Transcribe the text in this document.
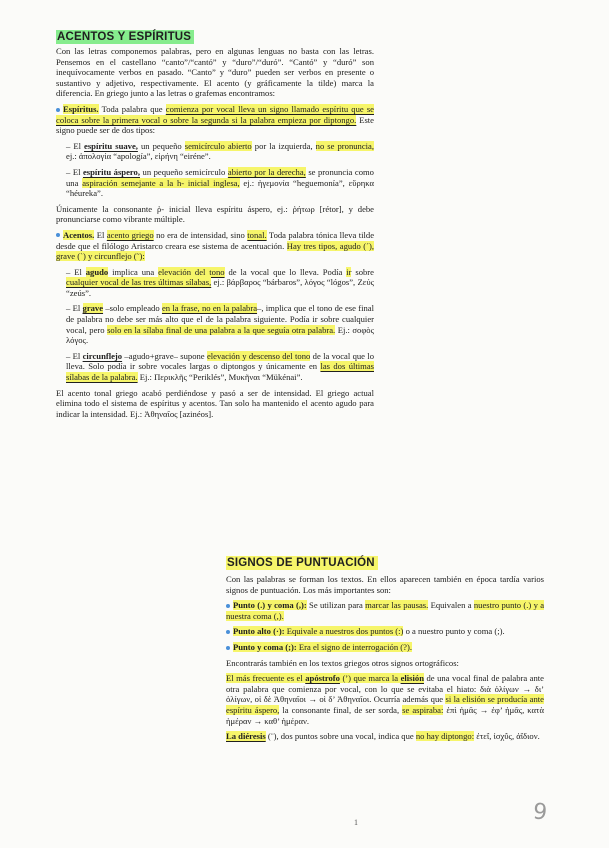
ACENTOS Y ESPÍRITUS

Con las letras componemos palabras, pero en algunas lenguas no basta con las letras. Pensemos en el castellano “canto”/“cantó” y “duro”/“duró”. “Cantó” y “duró” son inequívocamente verbos en pasado. “Canto” y “duro” pueden ser verbos en presente o sustantivo y adjetivo, respectivamente. El acento (y gráficamente la tilde) marca la diferencia. En griego junto a las letras o grafemas encontramos:

Espíritus. Toda palabra que comienza por vocal lleva un signo llamado espíritu que se coloca sobre la primera vocal o sobre la segunda si la palabra empieza por diptongo. Este signo puede ser de dos tipos:

– El espíritu suave, un pequeño semicírculo abierto por la izquierda, no se pronuncia, ej.: ἀπολογία “apología”, εἰρήνη “eiréne”.

– El espíritu áspero, un pequeño semicírculo abierto por la derecha, se pronuncia como una aspiración semejante a la h- inicial inglesa, ej.: ἡγεμονία “heguemonía”, εὕρηκα “héureka”.

Únicamente la consonante ῥ- inicial lleva espíritu áspero, ej.: ῥήτωρ [rétor], y debe pronunciarse como vibrante múltiple.

Acentos. El acento griego no era de intensidad, sino tonal. Toda palabra tónica lleva tilde desde que el filólogo Aristarco creara ese sistema de acentuación. Hay tres tipos, agudo (´), grave (`) y circunflejo (῀):

– El agudo implica una elevación del tono de la vocal que lo lleva. Podía ir sobre cualquier vocal de las tres últimas sílabas, ej.: βάρβαρος “bárbaros”, λόγος “lógos”, Ζεύς “zeús”.

– El grave –solo empleado en la frase, no en la palabra–, implica que el tono de ese final de palabra no debe ser más alto que el de la palabra siguiente. Podía ir sobre cualquier vocal, pero solo en la sílaba final de una palabra a la que seguía otra palabra. Ej.: σοφὸς λόγος.

– El circunflejo –agudo+grave– supone elevación y descenso del tono de la vocal que lo lleva. Solo podía ir sobre vocales largas o diptongos y únicamente en las dos últimas sílabas de la palabra. Ej.: Περικλῆς “Periklés”, Μυκῆναι “Mükénai”.

El acento tonal griego acabó perdiéndose y pasó a ser de intensidad. El griego actual elimina todo el sistema de espíritus y acentos. Tan solo ha mantenido el acento agudo para indicar la intensidad. Ej.: Ἀθηναῖος [azinéos].

SIGNOS DE PUNTUACIÓN

Con las palabras se forman los textos. En ellos aparecen también en época tardía varios signos de puntuación. Los más importantes son:

Punto (.) y coma (,): Se utilizan para marcar las pausas. Equivalen a nuestro punto (.) y a nuestra coma (,).

Punto alto (·): Equivale a nuestros dos puntos (:) o a nuestro punto y coma (;).

Punto y coma (;): Era el signo de interrogación (?).

Encontrarás también en los textos griegos otros signos ortográficos:

El más frecuente es el apóstrofo (’) que marca la elisión de una vocal final de palabra ante otra palabra que comienza por vocal, con lo que se evitaba el hiato: διὰ ὀλίγων → δι’ ὀλίγων, οἱ δὲ Ἀθηναῖοι → οἱ δ’ Ἀθηναῖοι. Ocurría además que si la elisión se producía ante espíritu áspero, la consonante final, de ser sorda, se aspiraba: ἐπὶ ἡμᾶς → ἐφ’ ἡμᾶς, κατὰ ἡμέραν → καθ’ ἡμέραν.

La diéresis (¨), dos puntos sobre una vocal, indica que no hay diptongo: ἐτεΐ, ἰσχΰς, ἀΐδιον.

1	9
